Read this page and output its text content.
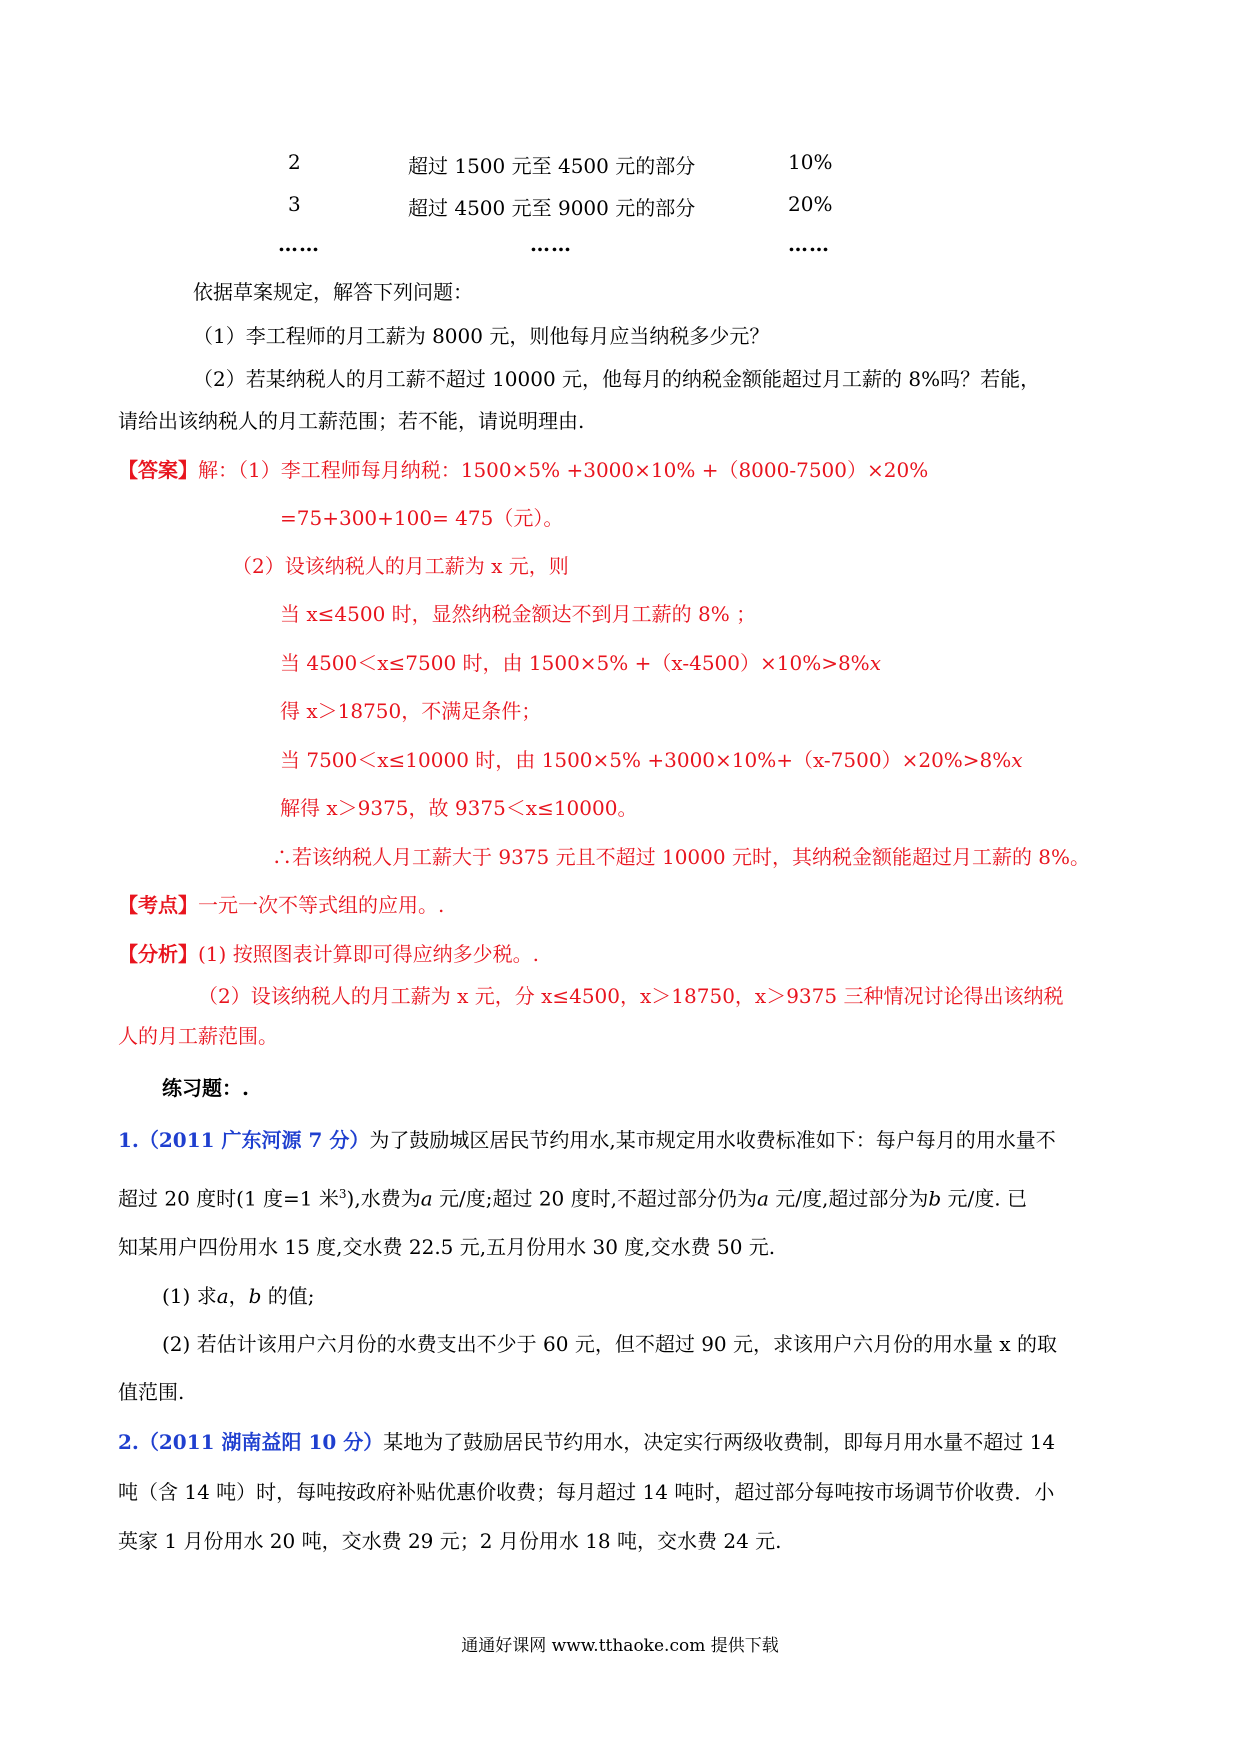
2	超过 1500 元至 4500 元的部分	10%
3	超过 4500 元至 9000 元的部分	20%
……	……	……
依据草案规定，解答下列问题：
（1）李工程师的月工薪为 8000 元，则他每月应当纳税多少元？
（2）若某纳税人的月工薪不超过 10000 元，他每月的纳税金额能超过月工薪的 8%吗？若能，
请给出该纳税人的月工薪范围；若不能，请说明理由.
【答案】解：（1）李工程师每月纳税：1500×5% +3000×10% +（8000-7500）×20%
=75+300+100= 475（元）。
（2）设该纳税人的月工薪为 x 元，则
当 x≤4500 时，显然纳税金额达不到月工薪的 8% ；
当 4500＜x≤7500 时，由 1500×5% +（x-4500）×10%>8%x
得 x＞18750，不满足条件；
当 7500＜x≤10000 时，由 1500×5% +3000×10%+（x-7500）×20%>8%x
解得 x＞9375，故 9375＜x≤10000。
∴若该纳税人月工薪大于 9375 元且不超过 10000 元时，其纳税金额能超过月工薪的 8%。
【考点】一元一次不等式组的应用。.
【分析】(1) 按照图表计算即可得应纳多少税。.
（2）设该纳税人的月工薪为 x 元，分 x≤4500，x＞18750，x＞9375 三种情况讨论得出该纳税
人的月工薪范围。
练习题：.
1.（2011 广东河源 7 分）为了鼓励城区居民节约用水,某市规定用水收费标准如下：每户每月的用水量不
超过 20 度时(1 度=1 米$^3$),水费为a 元/度;超过 20 度时,不超过部分仍为a 元/度,超过部分为b 元/度. 已
知某用户四份用水 15 度,交水费 22.5 元,五月份用水 30 度,交水费 50 元.
(1) 求a，b 的值;
(2) 若估计该用户六月份的水费支出不少于 60 元，但不超过 90 元，求该用户六月份的用水量 x 的取
值范围.
2.（2011 湖南益阳 10 分）某地为了鼓励居民节约用水，决定实行两级收费制，即每月用水量不超过 14
吨（含 14 吨）时，每吨按政府补贴优惠价收费；每月超过 14 吨时，超过部分每吨按市场调节价收费．小
英家 1 月份用水 20 吨，交水费 29 元；2 月份用水 18 吨，交水费 24 元.
通通好课网 www.tthaoke.com 提供下载
